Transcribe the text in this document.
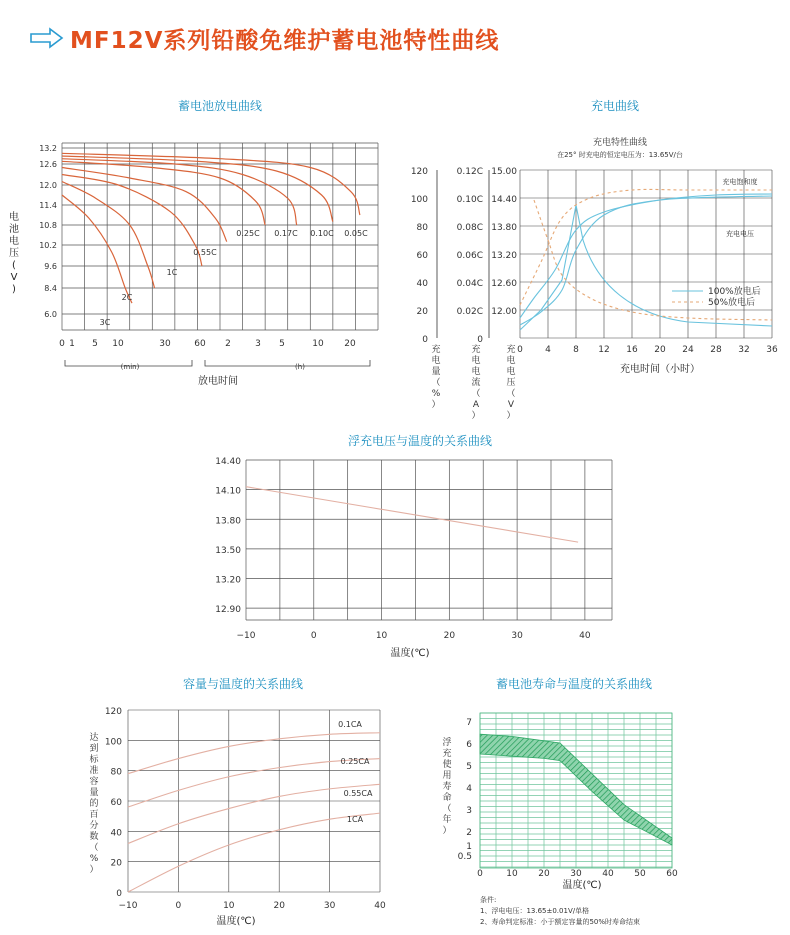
MF12V系列铅酸免维护蓄电池特性曲线
蓄电池放电曲线
13.2
12.6
12.0
11.4
10.8
10.2
9.6
8.4
6.0
0 1 5 10	30	60 2	3 5	10 20
(min)	(h)
放电时间
电
池
电
压
(
V
)
3C
2C
1C
0.55C
0.25C 0.17C 0.10C 0.05C
充电曲线
充电特性曲线
在25° 时充电的恒定电压为：13.65V/台
120
100
80
60
40
20
0
0.12C
0.10C
0.08C
0.06C
0.04C
0.02C
0
15.00
14.40
13.80
13.20
12.60
12.00
0 4 8 12 16 20 24 28 32 36
充电时间（小时）
充
电
量
（
%
）
充
电
电
流
（
A
）
充
电
电
压
（
V
）
充电饱和度
充电电压
100%放电后
50%放电后
浮充电压与温度的关系曲线
14.40
14.10
13.80
13.50
13.20
12.90
−10	0	10	20	30	40
温度(℃)
容量与温度的关系曲线
120
100
80
60
40
20
0
−10	0	10	20	30	40
温度(℃)
达
到
标
准
容
量
的
百
分
数
（
%
）
0.1CA
0.25CA
0.55CA
1CA
蓄电池寿命与温度的关系曲线
7
6
5
4
3
2
1
0.5
0	10 20 30 40 50 60
温度(℃)
浮
充
使
用
寿
命
（
年
）
条件:
1、浮电电压：13.65±0.01V/单格
2、寿命判定标准：小于额定容量的50%时寿命结束
